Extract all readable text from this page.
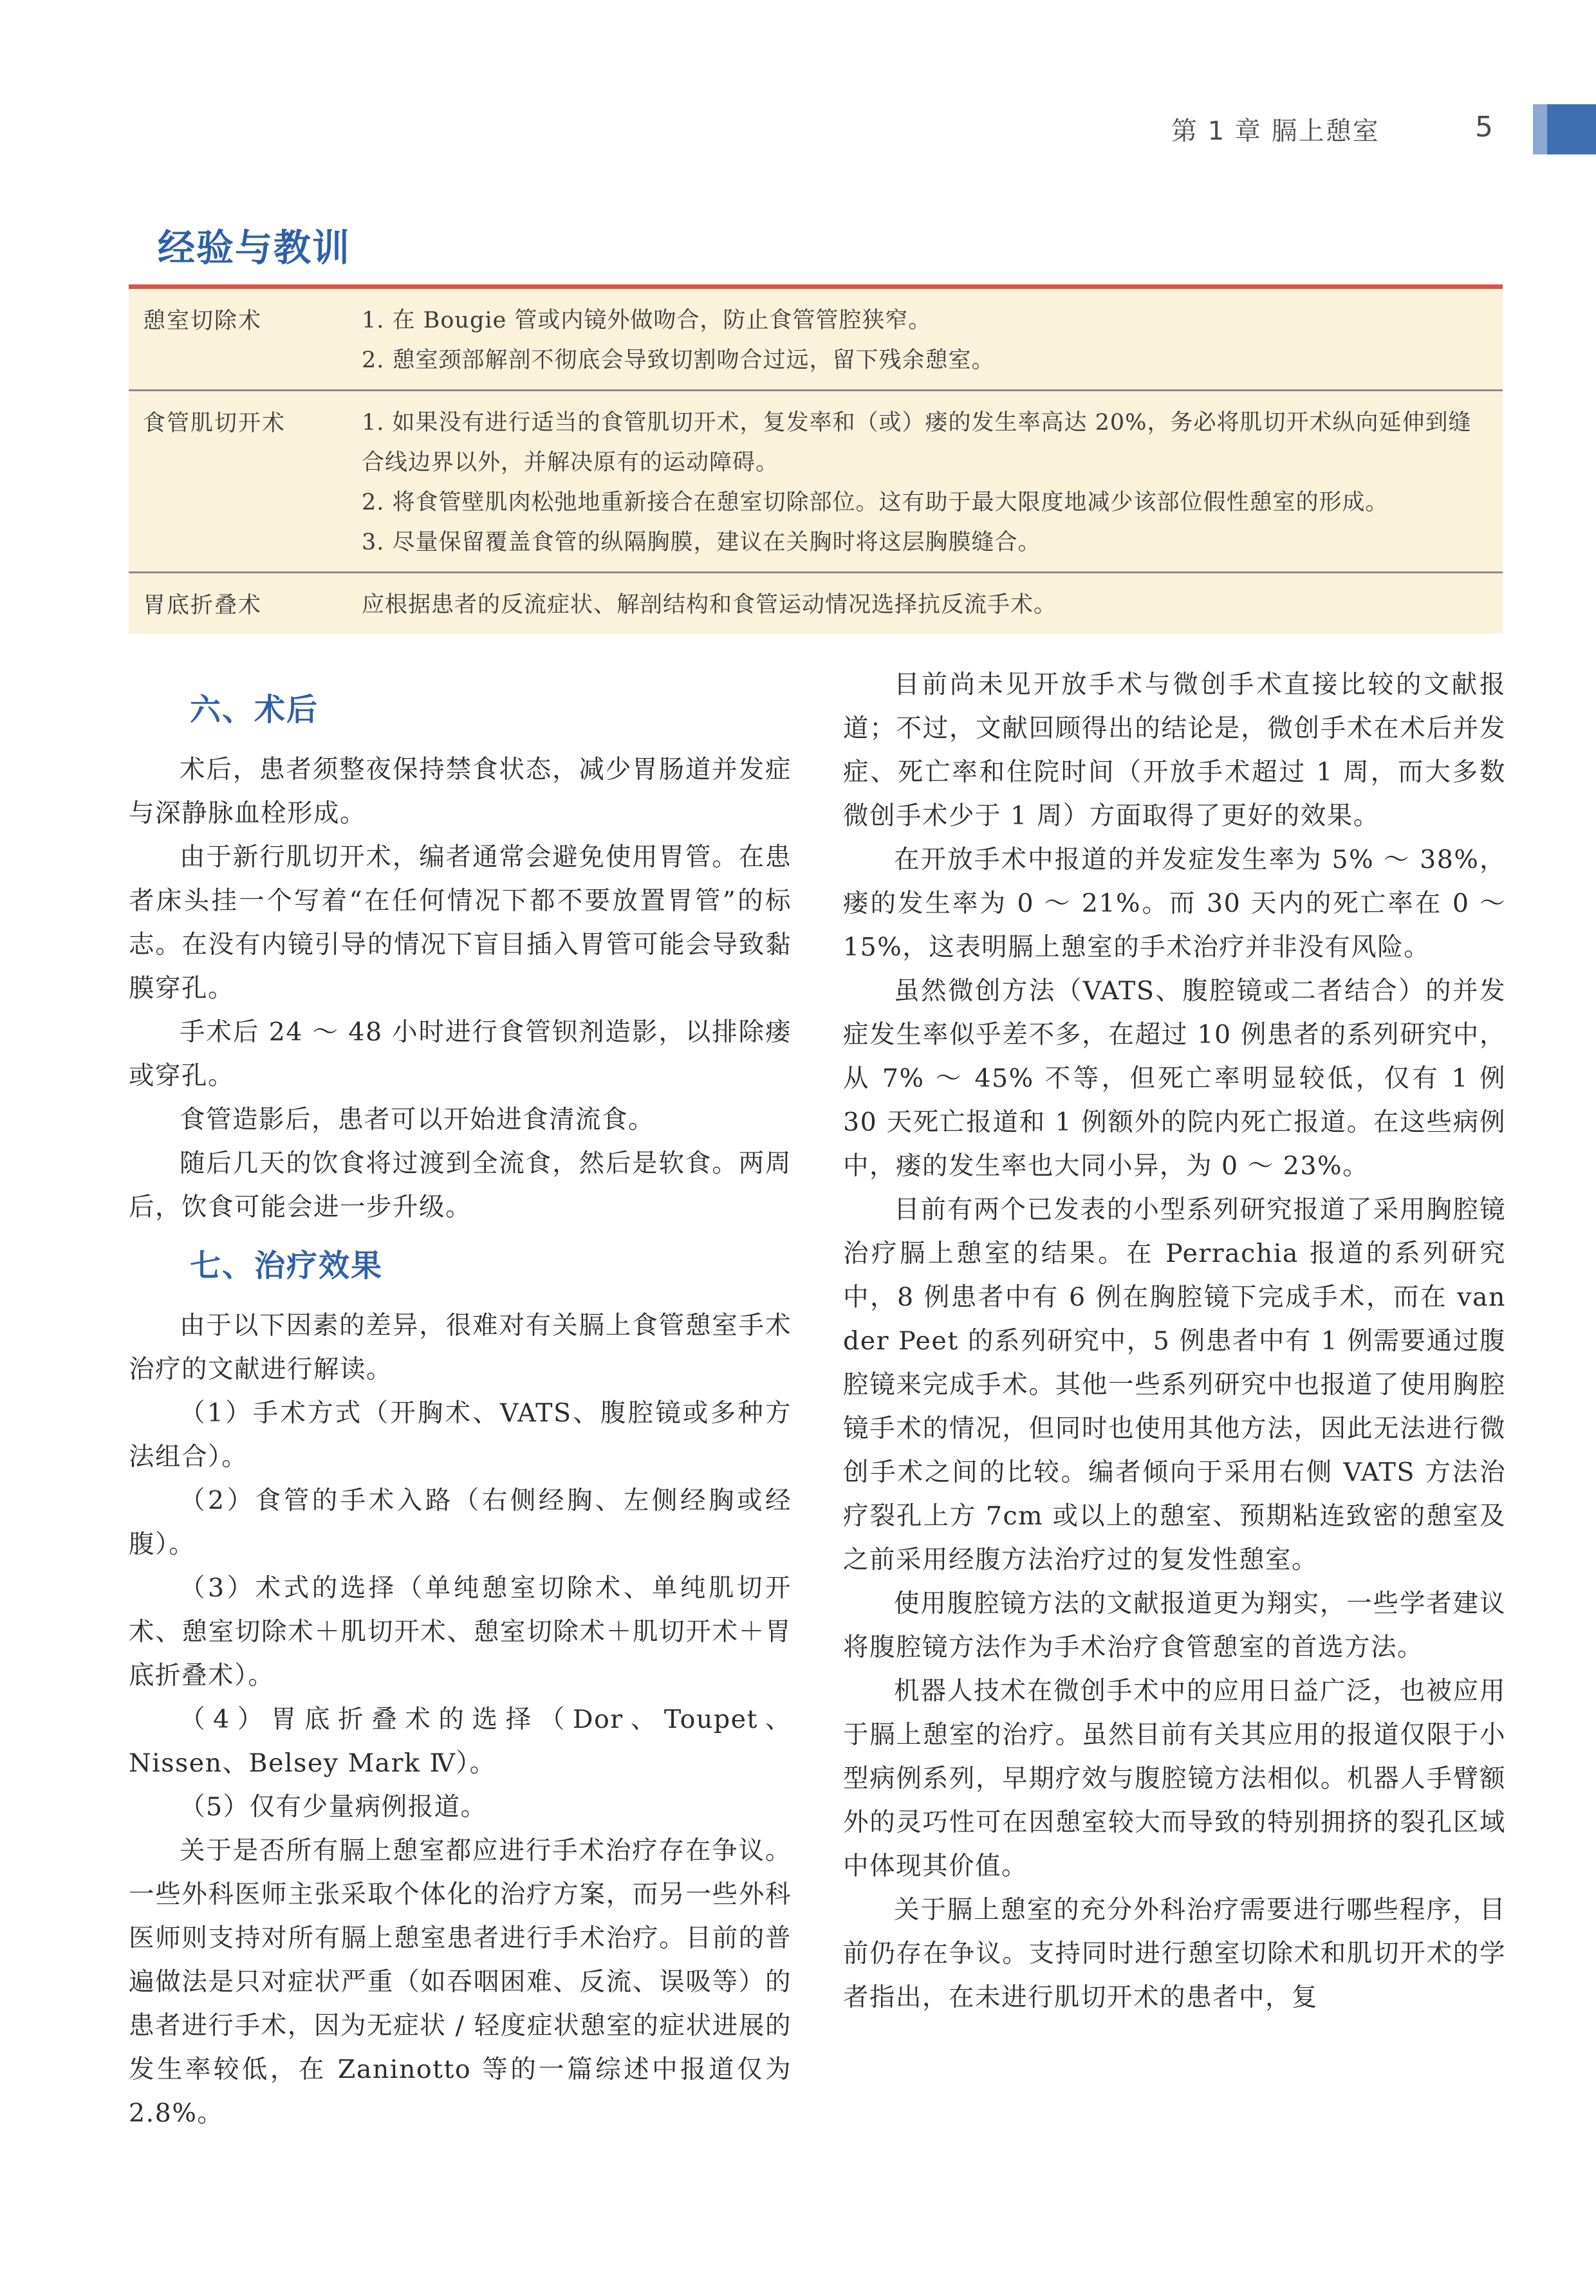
第 1 章 膈上憩室	5
经验与教训
憩室切除术	1. 在 Bougie 管或内镜外做吻合，防止食管管腔狭窄。
2. 憩室颈部解剖不彻底会导致切割吻合过远，留下残余憩室。
食管肌切开术	1. 如果没有进行适当的食管肌切开术，复发率和（或）瘘的发生率高达 20%，务必将肌切开术纵向延伸到缝合线边界以外，并解决原有的运动障碍。
2. 将食管壁肌肉松弛地重新接合在憩室切除部位。这有助于最大限度地减少该部位假性憩室的形成。
3. 尽量保留覆盖食管的纵隔胸膜，建议在关胸时将这层胸膜缝合。
胃底折叠术	应根据患者的反流症状、解剖结构和食管运动情况选择抗反流手术。
六、术后

术后，患者须整夜保持禁食状态，减少胃肠道并发症与深静脉血栓形成。

由于新行肌切开术，编者通常会避免使用胃管。在患者床头挂一个写着“在任何情况下都不要放置胃管”的标志。在没有内镜引导的情况下盲目插入胃管可能会导致黏膜穿孔。

手术后 24 ～ 48 小时进行食管钡剂造影，以排除瘘或穿孔。

食管造影后，患者可以开始进食清流食。

随后几天的饮食将过渡到全流食，然后是软食。两周后，饮食可能会进一步升级。

七、治疗效果

由于以下因素的差异，很难对有关膈上食管憩室手术治疗的文献进行解读。

（1）手术方式（开胸术、VATS、腹腔镜或多种方法组合）。

（2）食管的手术入路（右侧经胸、左侧经胸或经腹）。

（3）术式的选择（单纯憩室切除术、单纯肌切开术、憩室切除术＋肌切开术、憩室切除术＋肌切开术＋胃底折叠术）。

（4）胃底折叠术的选择（Dor、Toupet、Nissen、Belsey Mark Ⅳ）。

（5）仅有少量病例报道。

关于是否所有膈上憩室都应进行手术治疗存在争议。一些外科医师主张采取个体化的治疗方案，而另一些外科医师则支持对所有膈上憩室患者进行手术治疗。目前的普遍做法是只对症状严重（如吞咽困难、反流、误吸等）的患者进行手术，因为无症状 / 轻度症状憩室的症状进展的发生率较低，在 Zaninotto 等的一篇综述中报道仅为 2.8%。

目前尚未见开放手术与微创手术直接比较的文献报道；不过，文献回顾得出的结论是，微创手术在术后并发症、死亡率和住院时间（开放手术超过 1 周，而大多数微创手术少于 1 周）方面取得了更好的效果。

在开放手术中报道的并发症发生率为 5% ～ 38%，瘘的发生率为 0 ～ 21%。而 30 天内的死亡率在 0 ～ 15%，这表明膈上憩室的手术治疗并非没有风险。

虽然微创方法（VATS、腹腔镜或二者结合）的并发症发生率似乎差不多，在超过 10 例患者的系列研究中，从 7% ～ 45% 不等，但死亡率明显较低，仅有 1 例 30 天死亡报道和 1 例额外的院内死亡报道。在这些病例中，瘘的发生率也大同小异，为 0 ～ 23%。

目前有两个已发表的小型系列研究报道了采用胸腔镜治疗膈上憩室的结果。在 Perrachia 报道的系列研究中，8 例患者中有 6 例在胸腔镜下完成手术，而在 van der Peet 的系列研究中，5 例患者中有 1 例需要通过腹腔镜来完成手术。其他一些系列研究中也报道了使用胸腔镜手术的情况，但同时也使用其他方法，因此无法进行微创手术之间的比较。编者倾向于采用右侧 VATS 方法治疗裂孔上方 7cm 或以上的憩室、预期粘连致密的憩室及之前采用经腹方法治疗过的复发性憩室。

使用腹腔镜方法的文献报道更为翔实，一些学者建议将腹腔镜方法作为手术治疗食管憩室的首选方法。

机器人技术在微创手术中的应用日益广泛，也被应用于膈上憩室的治疗。虽然目前有关其应用的报道仅限于小型病例系列，早期疗效与腹腔镜方法相似。机器人手臂额外的灵巧性可在因憩室较大而导致的特别拥挤的裂孔区域中体现其价值。

关于膈上憩室的充分外科治疗需要进行哪些程序，目前仍存在争议。支持同时进行憩室切除术和肌切开术的学者指出，在未进行肌切开术的患者中，复
